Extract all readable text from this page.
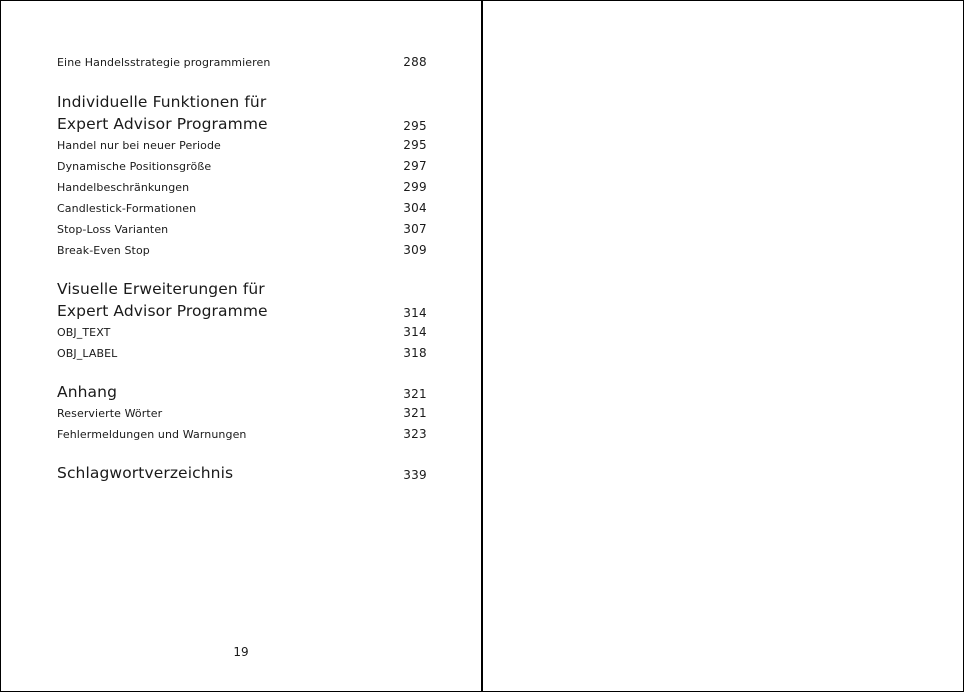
Eine Handelsstrategie programmieren	288
Individuelle Funktionen für
Expert Advisor Programme	295
Handel nur bei neuer Periode	295
Dynamische Positionsgröße	297
Handelbeschränkungen	299
Candlestick-Formationen	304
Stop-Loss Varianten	307
Break-Even Stop	309
Visuelle Erweiterungen für
Expert Advisor Programme	314
OBJ_TEXT	314
OBJ_LABEL	318
Anhang	321
Reservierte Wörter	321
Fehlermeldungen und Warnungen	323
Schlagwortverzeichnis	339
19
